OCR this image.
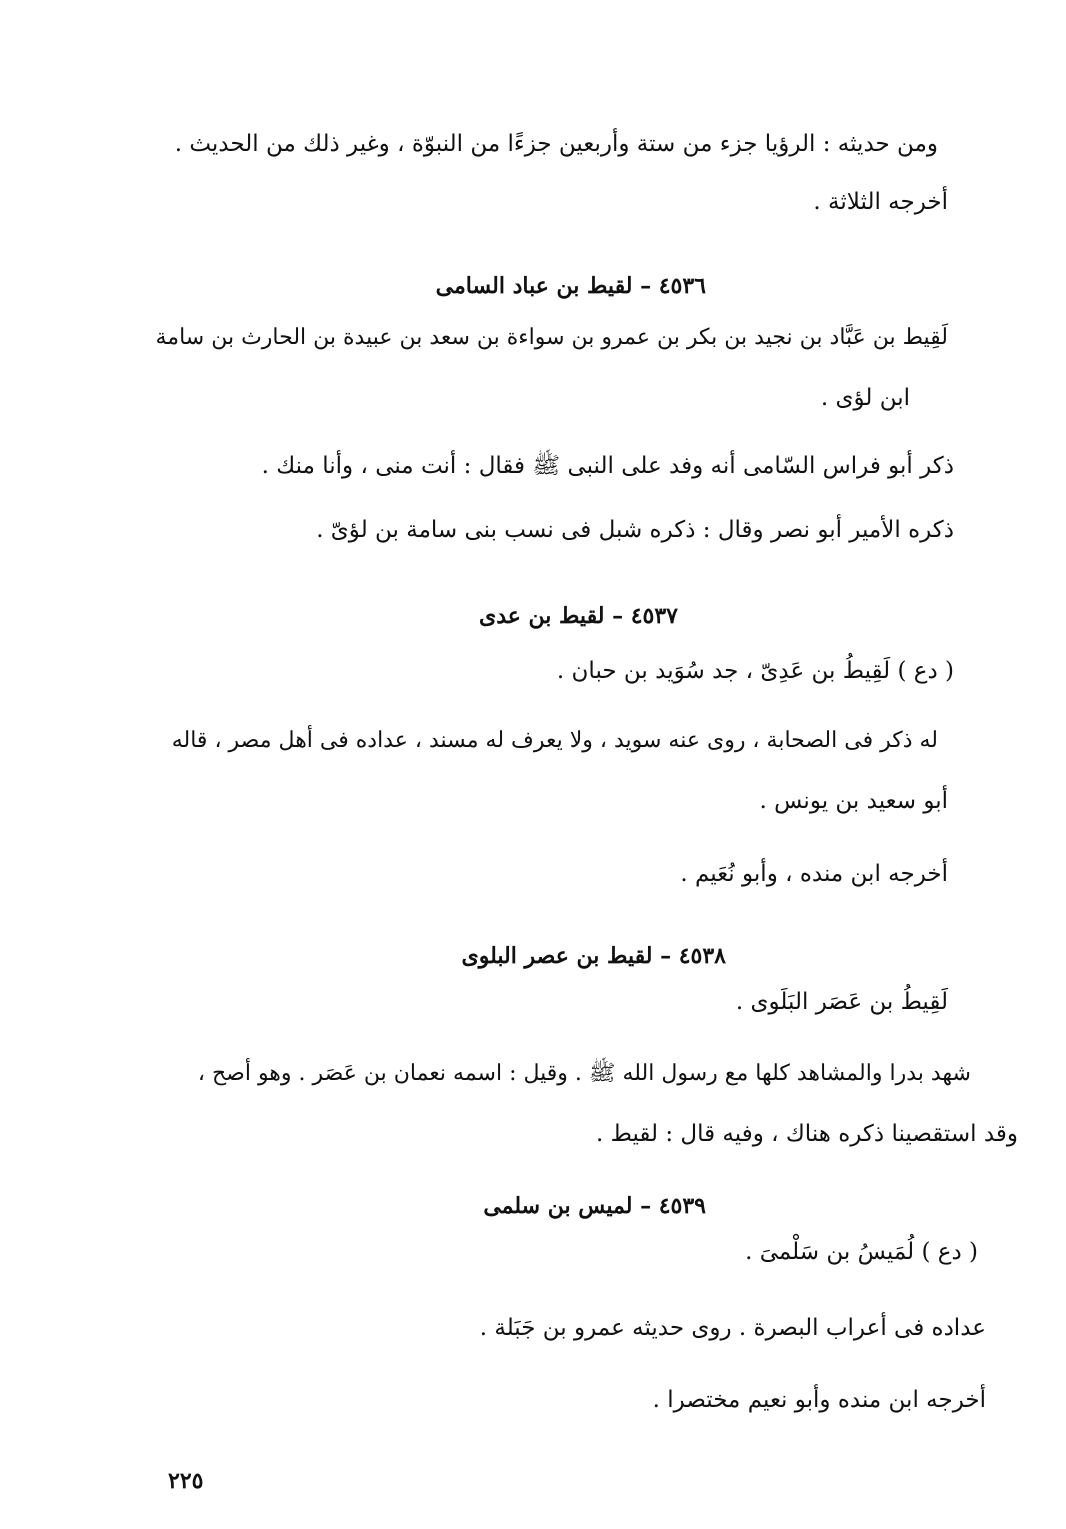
ومن حديثه : الرؤيا جزء من ستة وأربعين جزءًا من النبوّة ، وغير ذلك من الحديث .
أخرجه الثلاثة .
٤٥٣٦ – لقيط بن عباد السامى
لَقِيط بن عَبَّاد بن نجيد بن بكر بن عمرو بن سواءة بن سعد بن عبيدة بن الحارث بن سامة
ابن لؤى .
ذكر أبو فراس السّامى أنه وفد على النبى ﷺ فقال : أنت منى ، وأنا منك .
ذكره الأمير أبو نصر وقال : ذكره شبل فى نسب بنى سامة بن لؤىّ .
٤٥٣٧ – لقيط بن عدى
( دع ) لَقِيطُ بن عَدِىّ ، جد سُوَيد بن حبان .
له ذكر فى الصحابة ، روى عنه سويد ، ولا يعرف له مسند ، عداده فى أهل مصر ، قاله
أبو سعيد بن يونس .
أخرجه ابن منده ، وأبو نُعَيم .
٤٥٣٨ – لقيط بن عصر البلوى
لَقِيطُ بن عَصَر البَلَوى .
شهد بدرا والمشاهد كلها مع رسول الله ﷺ . وقيل : اسمه نعمان بن عَصَر . وهو أصح ،
وقد استقصينا ذكره هناك ، وفيه قال : لقيط .
٤٥٣٩ – لميس بن سلمى
( دع ) لُمَيسُ بن سَلْمىَ .
عداده فى أعراب البصرة . روى حديثه عمرو بن جَبَلة .
أخرجه ابن منده وأبو نعيم مختصرا .
٢٢٥
